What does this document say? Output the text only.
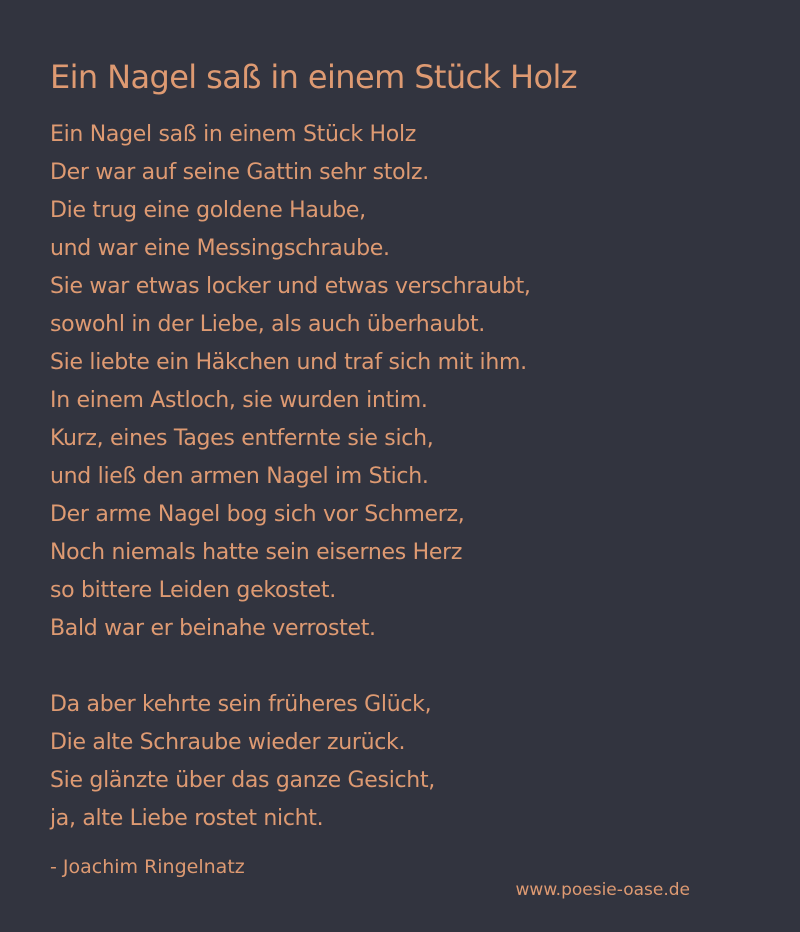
Ein Nagel saß in einem Stück Holz

Ein Nagel saß in einem Stück Holz
Der war auf seine Gattin sehr stolz.
Die trug eine goldene Haube,
und war eine Messingschraube.
Sie war etwas locker und etwas verschraubt,
sowohl in der Liebe, als auch überhaubt.
Sie liebte ein Häkchen und traf sich mit ihm.
In einem Astloch, sie wurden intim.
Kurz, eines Tages entfernte sie sich,
und ließ den armen Nagel im Stich.
Der arme Nagel bog sich vor Schmerz,
Noch niemals hatte sein eisernes Herz
so bittere Leiden gekostet.
Bald war er beinahe verrostet.

Da aber kehrte sein früheres Glück,
Die alte Schraube wieder zurück.
Sie glänzte über das ganze Gesicht,
ja, alte Liebe rostet nicht.

- Joachim Ringelnatz
www.poesie-oase.de
